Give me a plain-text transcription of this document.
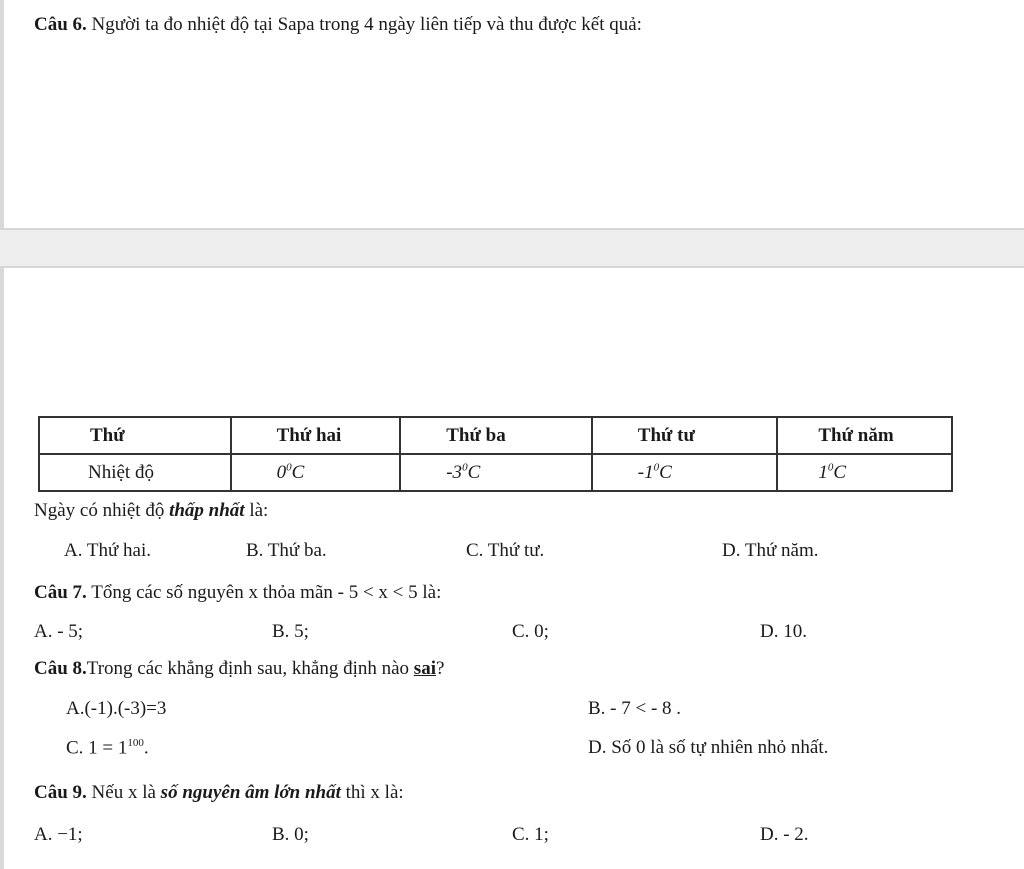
Câu 6. Người ta đo nhiệt độ tại Sapa trong 4 ngày liên tiếp và thu được kết quả:
Thứ	Thứ hai	Thứ ba	Thứ tư	Thứ năm
Nhiệt độ	$0^0C$	$-3^0C$	$-1^0C$	$1^0C$
Ngày có nhiệt độ thấp nhất là:
A. Thứ hai.	B. Thứ ba.	C. Thứ tư.	D. Thứ năm.
Câu 7. Tổng các số nguyên x thỏa mãn - 5 < x < 5 là:
A. - 5;	B. 5;	C. 0;	D. 10.
Câu 8.Trong các khẳng định sau, khẳng định nào sai?
A.(-1).(-3)=3	B. - 7 < - 8 .
C. $1 = 1^{100}$.	D. Số 0 là số tự nhiên nhỏ nhất.
Câu 9. Nếu x là số nguyên âm lớn nhất thì x là:
A. −1;	B. 0;	C. 1;	D. - 2.
